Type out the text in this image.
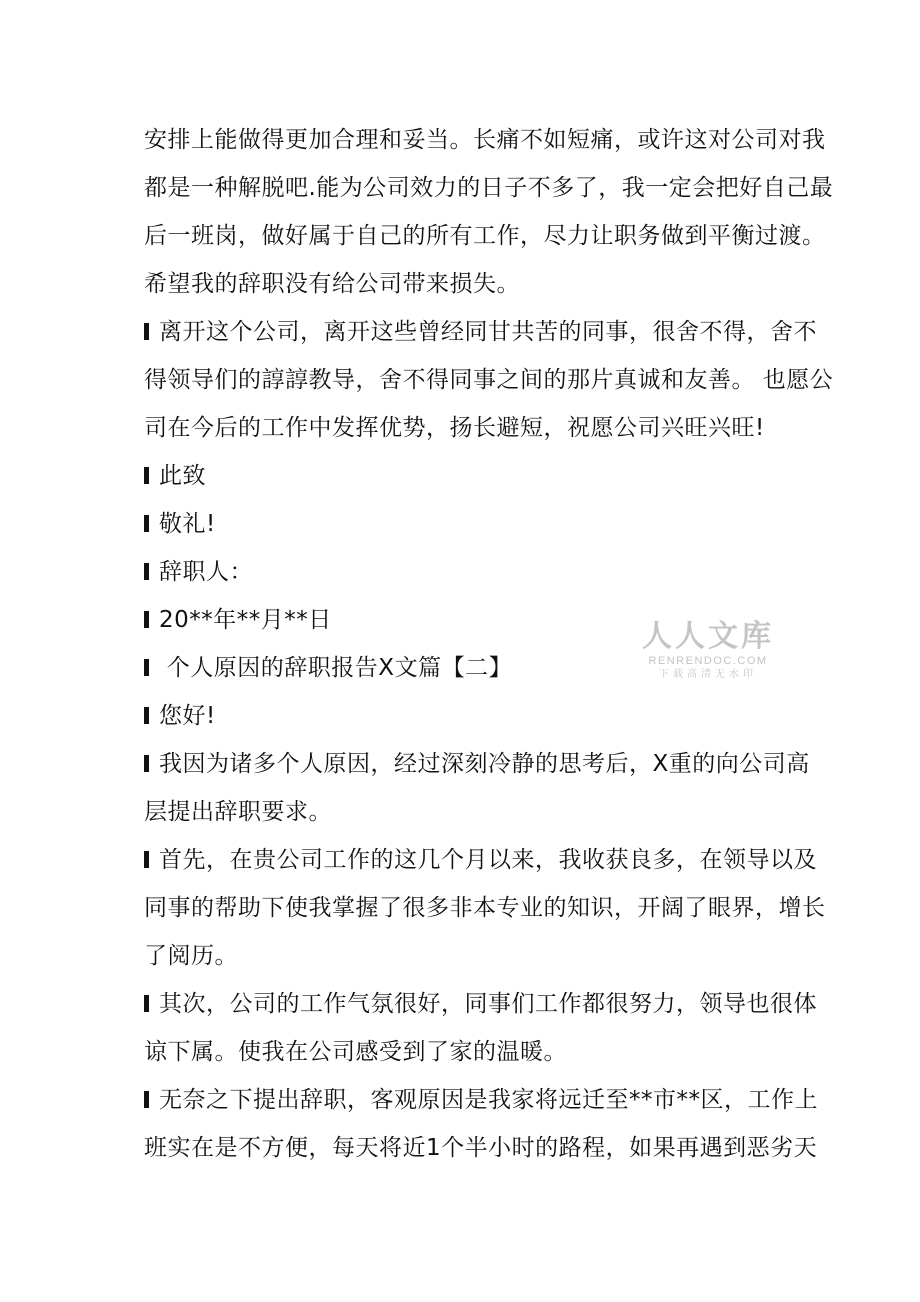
安排上能做得更加合理和妥当。长痛不如短痛，或许这对公司对我
都是一种解脱吧.能为公司效力的日子不多了，我一定会把好自己最
后一班岗，做好属于自己的所有工作，尽力让职务做到平衡过渡。
希望我的辞职没有给公司带来损失。
离开这个公司，离开这些曾经同甘共苦的同事，很舍不得，舍不
得领导们的諄諄教导，舍不得同事之间的那片真诚和友善。 也愿公
司在今后的工作中发挥优势，扬长避短，祝愿公司兴旺兴旺!
此致
敬礼!
辞职人：
20**年**月**日
个人原因的辞职报告X文篇【二】
您好!
我因为诸多个人原因，经过深刻冷静的思考后，X重的向公司高
层提出辞职要求。
首先，在贵公司工作的这几个月以来，我收获良多，在领导以及
同事的帮助下使我掌握了很多非本专业的知识，开阔了眼界，增长
了阅历。
其次，公司的工作气氛很好，同事们工作都很努力，领导也很体
谅下属。使我在公司感受到了家的温暖。
无奈之下提出辞职，客观原因是我家将远迁至**市**区，工作上
班实在是不方便，每天将近1个半小时的路程，如果再遇到恶劣天
人人文库
RENRENDOC.COM
下载高清无水印
